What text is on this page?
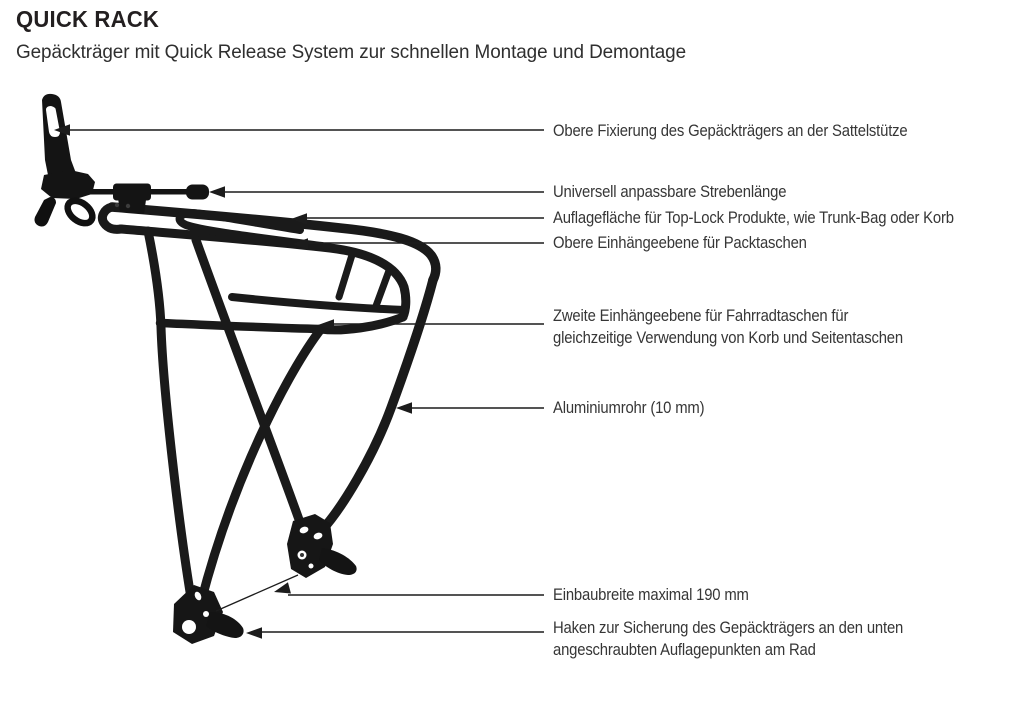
QUICK RACK

Gepäckträger mit Quick Release System zur schnellen Montage und Demontage

Obere Fixierung des Gepäckträgers an der Sattelstütze
Universell anpassbare Strebenlänge
Auflagefläche für Top-Lock Produkte, wie Trunk-Bag oder Korb
Obere Einhängeebene für Packtaschen
Zweite Einhängeebene für Fahrradtaschen für
gleichzeitige Verwendung von Korb und Seitentaschen
Aluminiumrohr (10 mm)
Einbaubreite maximal 190 mm
Haken zur Sicherung des Gepäckträgers an den unten
angeschraubten Auflagepunkten am Rad
